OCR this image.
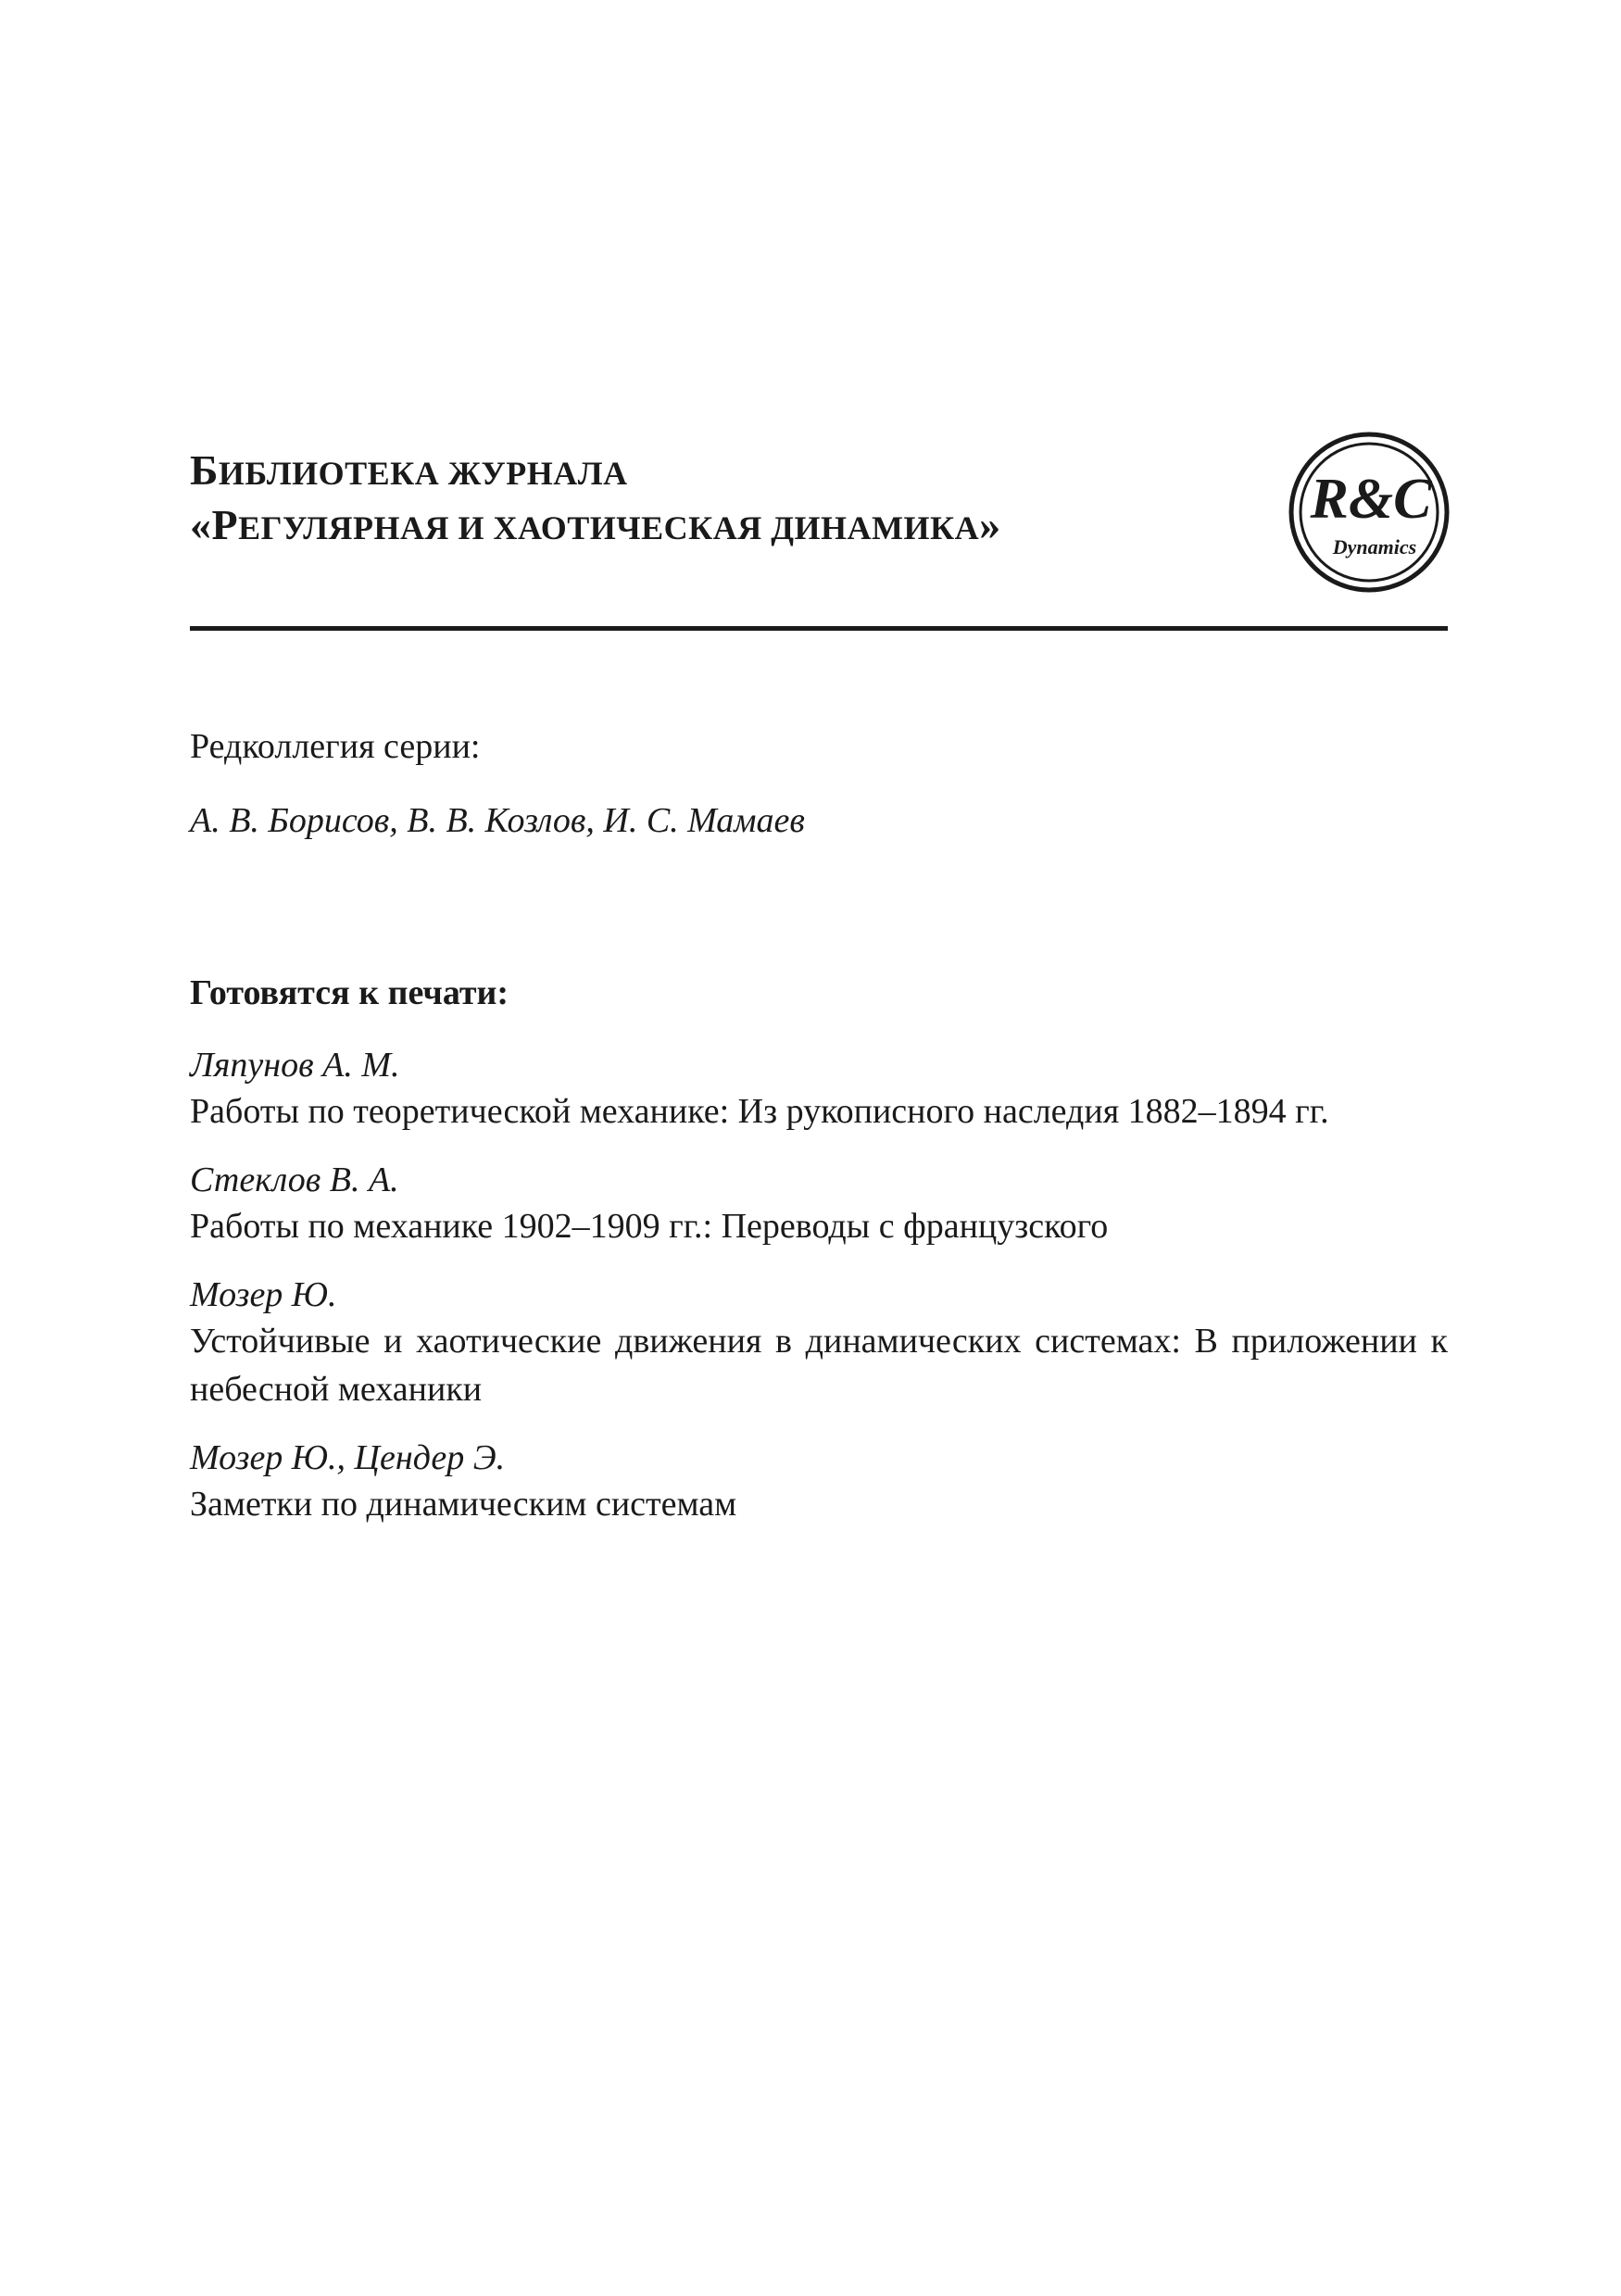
БИБЛИОТЕКА ЖУРНАЛА
«РЕГУЛЯРНАЯ И ХАОТИЧЕСКАЯ ДИНАМИКА»	R&C
Dynamics
Редколлегия серии:
А. В. Борисов, В. В. Козлов, И. С. Мамаев
Готовятся к печати:
Ляпунов А. М.
Работы по теоретической механике: Из рукописного наследия 1882–1894 гг.
Стеклов В. А.
Работы по механике 1902–1909 гг.: Переводы с французского
Мозер Ю.
Устойчивые и хаотические движения в динамических системах: В приложении к небесной механики
Мозер Ю., Цендер Э.
Заметки по динамическим системам
